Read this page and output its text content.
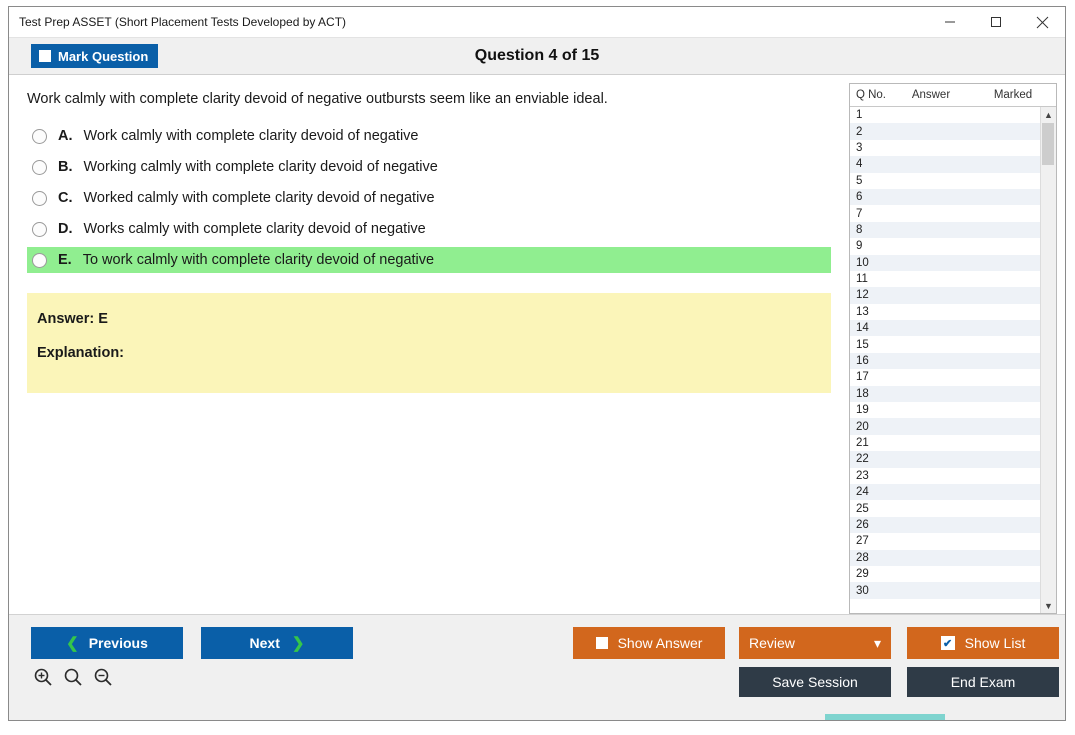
Test Prep ASSET (Short Placement Tests Developed by ACT)
Mark Question	Question 4 of 15
Work calmly with complete clarity devoid of negative outbursts seem like an enviable ideal.
A. Work calmly with complete clarity devoid of negative
B. Working calmly with complete clarity devoid of negative
C. Worked calmly with complete clarity devoid of negative
D. Works calmly with complete clarity devoid of negative
E. To work calmly with complete clarity devoid of negative
Answer: E
Explanation:
Q No.	Answer	Marked
1
2
3
4
5
6
7
8
9
10
11
12
13
14
15
16
17
18
19
20
21
22
23
24
25
26
27
28
29
30
▲
▼
❮ Previous	Next ❯	Show Answer	Review	▾	✔ Show List
Save Session	End Exam
